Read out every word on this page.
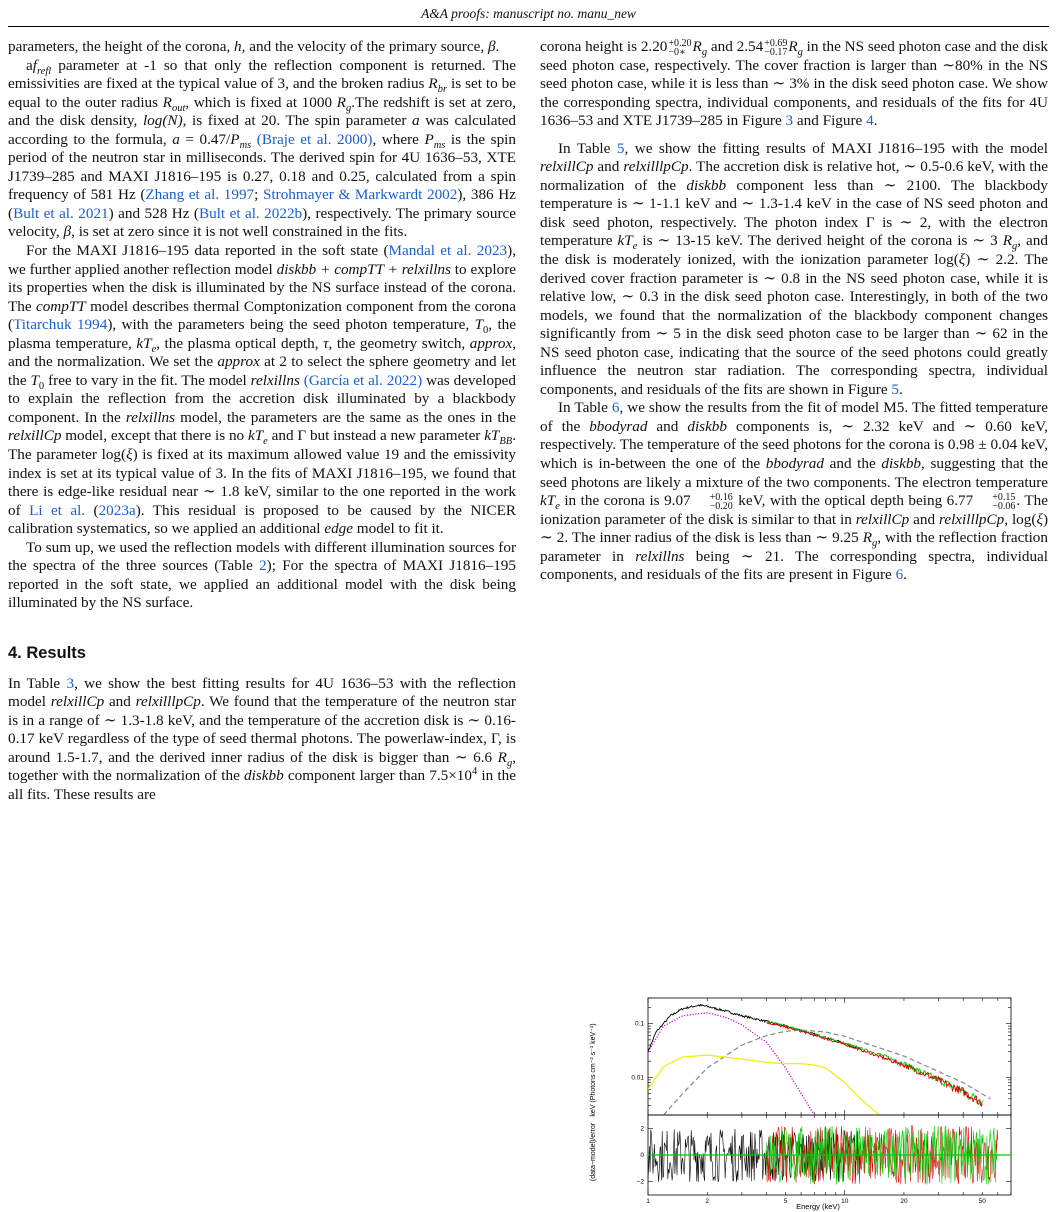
A&A proofs: manuscript no. manu_new

parameters, the height of the corona, h, and the velocity of the primary source, β.

$af_{refl}$ parameter at -1 so that only the reflection component is returned. The emissivities are fixed at the typical value of 3, and the broken radius $R_{br}$ is set to be equal to the outer radius $R_{out}$, which is fixed at 1000 $R_g.The$ redshift is set at zero, and the disk density, log(N), is fixed at 20. The spin parameter a was calculated according to the formula, $a = 0.47/P_{ms}$ (Braje et al. 2000), where $P_{ms}$ is the spin period of the neutron star in milliseconds. The derived spin for 4U 1636–53, XTE J1739–285 and MAXI J1816–195 is 0.27, 0.18 and 0.25, calculated from a spin frequency of 581 Hz (Zhang et al. 1997; Strohmayer & Markwardt 2002), 386 Hz (Bult et al. 2021) and 528 Hz (Bult et al. 2022b), respectively. The primary source velocity, β, is set at zero since it is not well constrained in the fits.

For the MAXI J1816–195 data reported in the soft state (Mandal et al. 2023), we further applied another reflection model diskbb + compTT + relxillns to explore its properties when the disk is illuminated by the NS surface instead of the corona. The compTT model describes thermal Comptonization component from the corona (Titarchuk 1994), with the parameters being the seed photon temperature, $T_0$, the plasma temperature, $kT_e$, the plasma optical depth, τ, the geometry switch, approx, and the normalization. We set the approx at 2 to select the sphere geometry and let the $T_0$ free to vary in the fit. The model relxillns (García et al. 2022) was developed to explain the reflection from the accretion disk illuminated by a blackbody component. In the relxillns model, the parameters are the same as the ones in the relxillCp model, except that there is no $kT_e$ and Γ but instead a new parameter $kT_{BB}$. The parameter log(ξ) is fixed at its maximum allowed value 19 and the emissivity index is set at its typical value of 3. In the fits of MAXI J1816–195, we found that there is edge-like residual near ∼ 1.8 keV, similar to the one reported in the work of Li et al. (2023a). This residual is proposed to be caused by the NICER calibration systematics, so we applied an additional edge model to fit it.

To sum up, we used the reflection models with different illumination sources for the spectra of the three sources (Table 2); For the spectra of MAXI J1816–195 reported in the soft state, we applied an additional model with the disk being illuminated by the NS surface.

4. Results

In Table 3, we show the best fitting results for 4U 1636–53 with the reflection model relxillCp and relxilllpCp. We found that the temperature of the neutron star is in a range of ∼ 1.3-1.8 keV, and the temperature of the accretion disk is ∼ 0.16-0.17 keV regardless of the type of seed thermal photons. The powerlaw-index, Γ, is around 1.5-1.7, and the derived inner radius of the disk is bigger than ∼ 6.6 $R_g$, together with the normalization of the diskbb component larger than $7.5\times 10^4$ in the all fits. These results are

corona height is 2.20 +0.20
−0∗ $R_g$ and 2.54 +0.69
−0.17 $R_g$ in the NS seed photon case and the disk seed photon case, respectively. The cover fraction is larger than ∼80% in the NS seed photon case, while it is less than ∼ 3% in the disk seed photon case. We show the corresponding spectra, individual components, and residuals of the fits for 4U 1636–53 and XTE J1739–285 in Figure 3 and Figure 4.

In Table 5, we show the fitting results of MAXI J1816–195 with the model relxillCp and relxilllpCp. The accretion disk is relative hot, ∼ 0.5-0.6 keV, with the normalization of the diskbb component less than ∼ 2100. The blackbody temperature is ∼ 1-1.1 keV and ∼ 1.3-1.4 keV in the case of NS seed photon and disk seed photon, respectively. The photon index Γ is ∼ 2, with the electron temperature $kT_e$ is ∼ 13-15 keV. The derived height of the corona is ∼ 3 $R_g$, and the disk is moderately ionized, with the ionization parameter log(ξ) ∼ 2.2. The derived cover fraction parameter is ∼ 0.8 in the NS seed photon case, while it is relative low, ∼ 0.3 in the disk seed photon case. Interestingly, in both of the two models, we found that the normalization of the blackbody component changes significantly from ∼ 5 in the disk seed photon case to be larger than ∼ 62 in the NS seed photon case, indicating that the source of the seed photons could greatly influence the neutron star radiation. The corresponding spectra, individual components, and residuals of the fits are shown in Figure 5.

In Table 6, we show the results from the fit of model M5. The fitted temperature of the bbodyrad and diskbb components is, ∼ 2.32 keV and ∼ 0.60 keV, respectively. The temperature of the seed photons for the corona is 0.98 ± 0.04 keV, which is in-between the one of the bbodyrad and the diskbb, suggesting that the seed photons are likely a mixture of the two components. The electron temperature $kT_e$ in the corona is 9.07	+0.16
−0.20 keV, with the optical depth being 6.77	+0.15
−0.06 . The ionization parameter of the disk is similar to that in relxillCp and relxilllpCp, log(ξ) ∼ 2. The inner radius of the disk is less than ∼ 9.25 $R_g$, with the reflection fraction parameter in relxillns being ∼ 21. The corresponding spectra, individual components, and residuals of the fits are present in Figure 6.

0.1
0.01
1	2	5	10	20	50
2
0
−2
keV (Photons cm⁻² s⁻¹ keV⁻¹)
(data−model)/error
Energy (keV)
